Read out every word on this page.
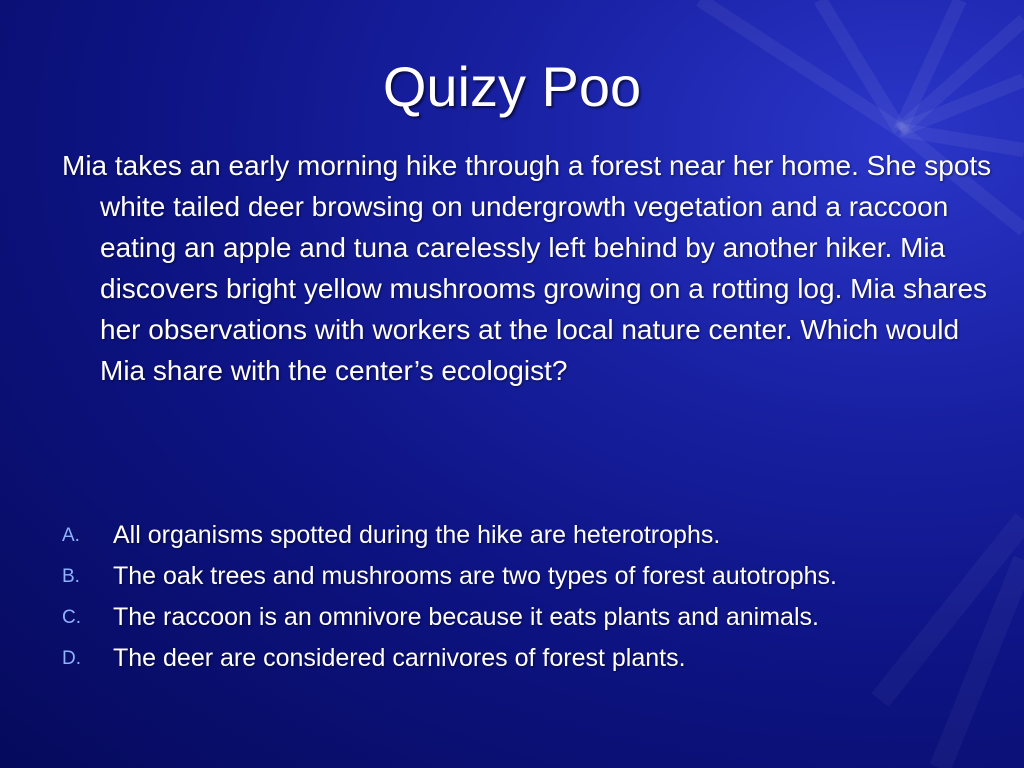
Quizy Poo

Mia takes an early morning hike through a forest near her home. She spots white tailed deer browsing on undergrowth vegetation and a raccoon eating an apple and tuna carelessly left behind by another hiker. Mia discovers bright yellow mushrooms growing on a rotting log. Mia shares her observations with workers at the local nature center. Which would Mia share with the center’s ecologist?

A. All organisms spotted during the hike are heterotrophs.
B. The oak trees and mushrooms are two types of forest autotrophs.
C. The raccoon is an omnivore because it eats plants and animals.
D. The deer are considered carnivores of forest plants.
